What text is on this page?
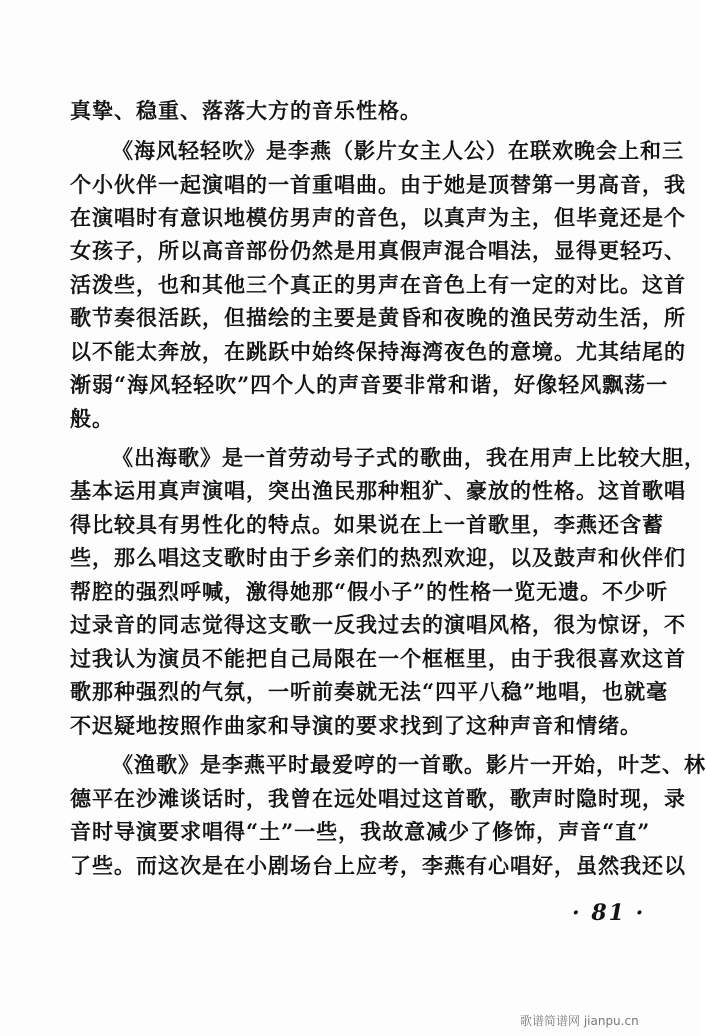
真挚、稳重、落落大方的音乐性格。
《海风轻轻吹》是李燕（影片女主人公）在联欢晚会上和三
个小伙伴一起演唱的一首重唱曲。由于她是顶替第一男高音，我
在演唱时有意识地模仿男声的音色，以真声为主，但毕竟还是个
女孩子，所以高音部份仍然是用真假声混合唱法，显得更轻巧、
活泼些，也和其他三个真正的男声在音色上有一定的对比。这首
歌节奏很活跃，但描绘的主要是黄昏和夜晚的渔民劳动生活，所
以不能太奔放，在跳跃中始终保持海湾夜色的意境。尤其结尾的
渐弱“海风轻轻吹”四个人的声音要非常和谐，好像轻风飘荡一
般。
《出海歌》是一首劳动号子式的歌曲，我在用声上比较大胆，
基本运用真声演唱，突出渔民那种粗犷、豪放的性格。这首歌唱
得比较具有男性化的特点。如果说在上一首歌里，李燕还含蓄
些，那么唱这支歌时由于乡亲们的热烈欢迎，以及鼓声和伙伴们
帮腔的强烈呼喊，激得她那“假小子”的性格一览无遗。不少听
过录音的同志觉得这支歌一反我过去的演唱风格，很为惊讶，不
过我认为演员不能把自己局限在一个框框里，由于我很喜欢这首
歌那种强烈的气氛，一听前奏就无法“四平八稳”地唱，也就毫
不迟疑地按照作曲家和导演的要求找到了这种声音和情绪。
《渔歌》是李燕平时最爱哼的一首歌。影片一开始，叶芝、林
德平在沙滩谈话时，我曾在远处唱过这首歌，歌声时隐时现，录
音时导演要求唱得“土”一些，我故意减少了修饰，声音“直”
了些。而这次是在小剧场台上应考，李燕有心唱好，虽然我还以
· 81 ·
歌谱简谱网 jianpu.cn
